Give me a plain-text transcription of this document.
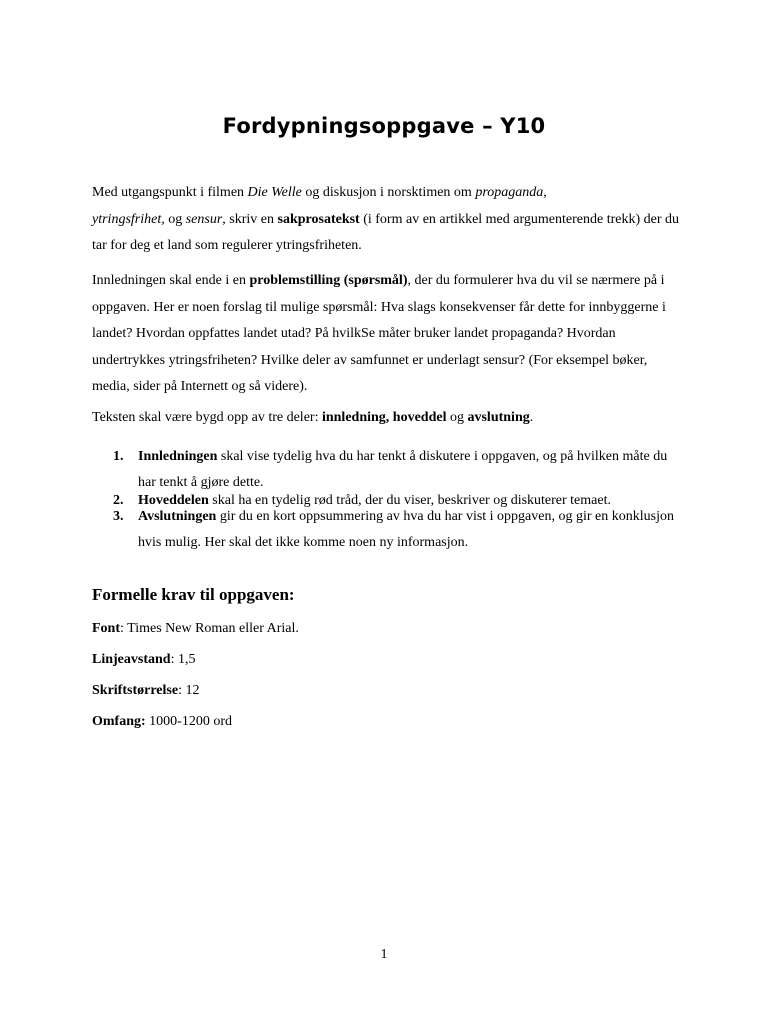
Fordypningsoppgave – Y10

Med utgangspunkt i filmen Die Welle og diskusjon i norsktimen om propaganda,
ytringsfrihet, og sensur, skriv en sakprosatekst (i form av en artikkel med argumenterende trekk) der du tar for deg et land som regulerer ytringsfriheten.

Innledningen skal ende i en problemstilling (spørsmål), der du formulerer hva du vil se nærmere på i oppgaven. Her er noen forslag til mulige spørsmål: Hva slags konsekvenser får dette for innbyggerne i landet? Hvordan oppfattes landet utad? På hvilkSe måter bruker landet propaganda? Hvordan undertrykkes ytringsfriheten? Hvilke deler av samfunnet er underlagt sensur? (For eksempel bøker, media, sider på Internett og så videre).

Teksten skal være bygd opp av tre deler: innledning, hoveddel og avslutning.

1. Innledningen skal vise tydelig hva du har tenkt å diskutere i oppgaven, og på hvilken måte du har tenkt å gjøre dette.
2. Hoveddelen skal ha en tydelig rød tråd, der du viser, beskriver og diskuterer temaet.
3. Avslutningen gir du en kort oppsummering av hva du har vist i oppgaven, og gir en konklusjon hvis mulig. Her skal det ikke komme noen ny informasjon.
Formelle krav til oppgaven:
Font: Times New Roman eller Arial.
Linjeavstand: 1,5
Skriftstørrelse: 12
Omfang: 1000-1200 ord
1
